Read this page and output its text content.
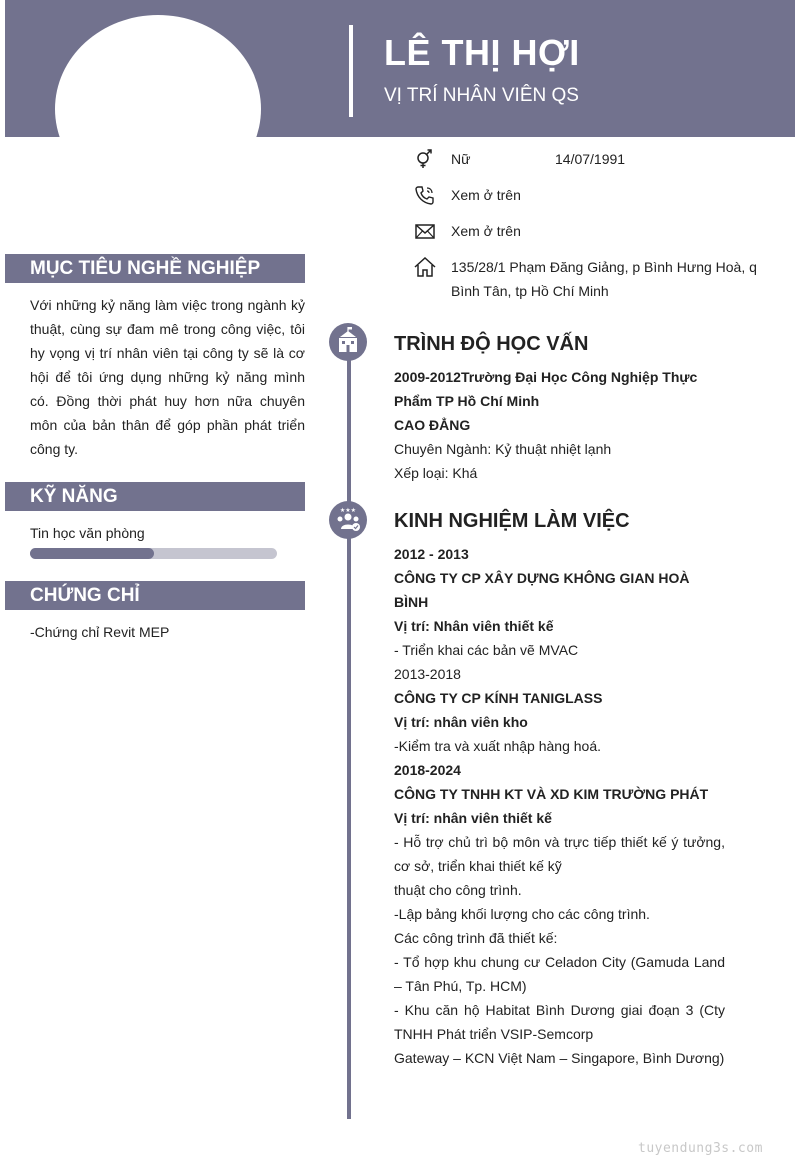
LÊ THỊ HỢI
VỊ TRÍ NHÂN VIÊN QS
Nữ	14/07/1991
Xem ở trên
Xem ở trên
135/28/1 Phạm Đăng Giảng, p Bình Hưng Hoà, q Bình Tân, tp Hồ Chí Minh
MỤC TIÊU NGHỀ NGHIỆP

Với những kỷ năng làm việc trong ngành kỷ thuật, cùng sự đam mê trong công việc, tôi hy vọng vị trí nhân viên tại công ty sẽ là cơ hội để tôi ứng dụng những kỷ năng mình có. Đồng thời phát huy hơn nữa chuyên môn của bản thân để góp phần phát triển công ty.

KỸ NĂNG
Tin học văn phòng
CHỨNG CHỈ
-Chứng chỉ Revit MEP
TRÌNH ĐỘ HỌC VẤN
2009-2012Trường Đại Học Công Nghiệp Thực Phẩm TP Hồ Chí Minh
CAO ĐẲNG
Chuyên Ngành: Kỷ thuật nhiệt lạnh
Xếp loại: Khá
★★★ KINH NGHIỆM LÀM VIỆC
2012 - 2013
CÔNG TY CP XÂY DỰNG KHÔNG GIAN HOÀ BÌNH
Vị trí: Nhân viên thiết kế
- Triển khai các bản vẽ MVAC
2013-2018
CÔNG TY CP KÍNH TANIGLASS
Vị trí: nhân viên kho
-Kiểm tra và xuất nhập hàng hoá.
2018-2024
CÔNG TY TNHH KT VÀ XD KIM TRƯỜNG PHÁT
Vị trí: nhân viên thiết kế
- Hỗ trợ chủ trì bộ môn và trực tiếp thiết kế ý tưởng, cơ sở, triển khai thiết kế kỹ
thuật cho công trình.
-Lập bảng khối lượng cho các công trình.
Các công trình đã thiết kế:
- Tổ hợp khu chung cư Celadon City (Gamuda Land – Tân Phú, Tp. HCM)
- Khu căn hộ Habitat Bình Dương giai đoạn 3 (Cty TNHH Phát triển VSIP-Semcorp
Gateway – KCN Việt Nam – Singapore, Bình Dương)
tuyendung3s.com
